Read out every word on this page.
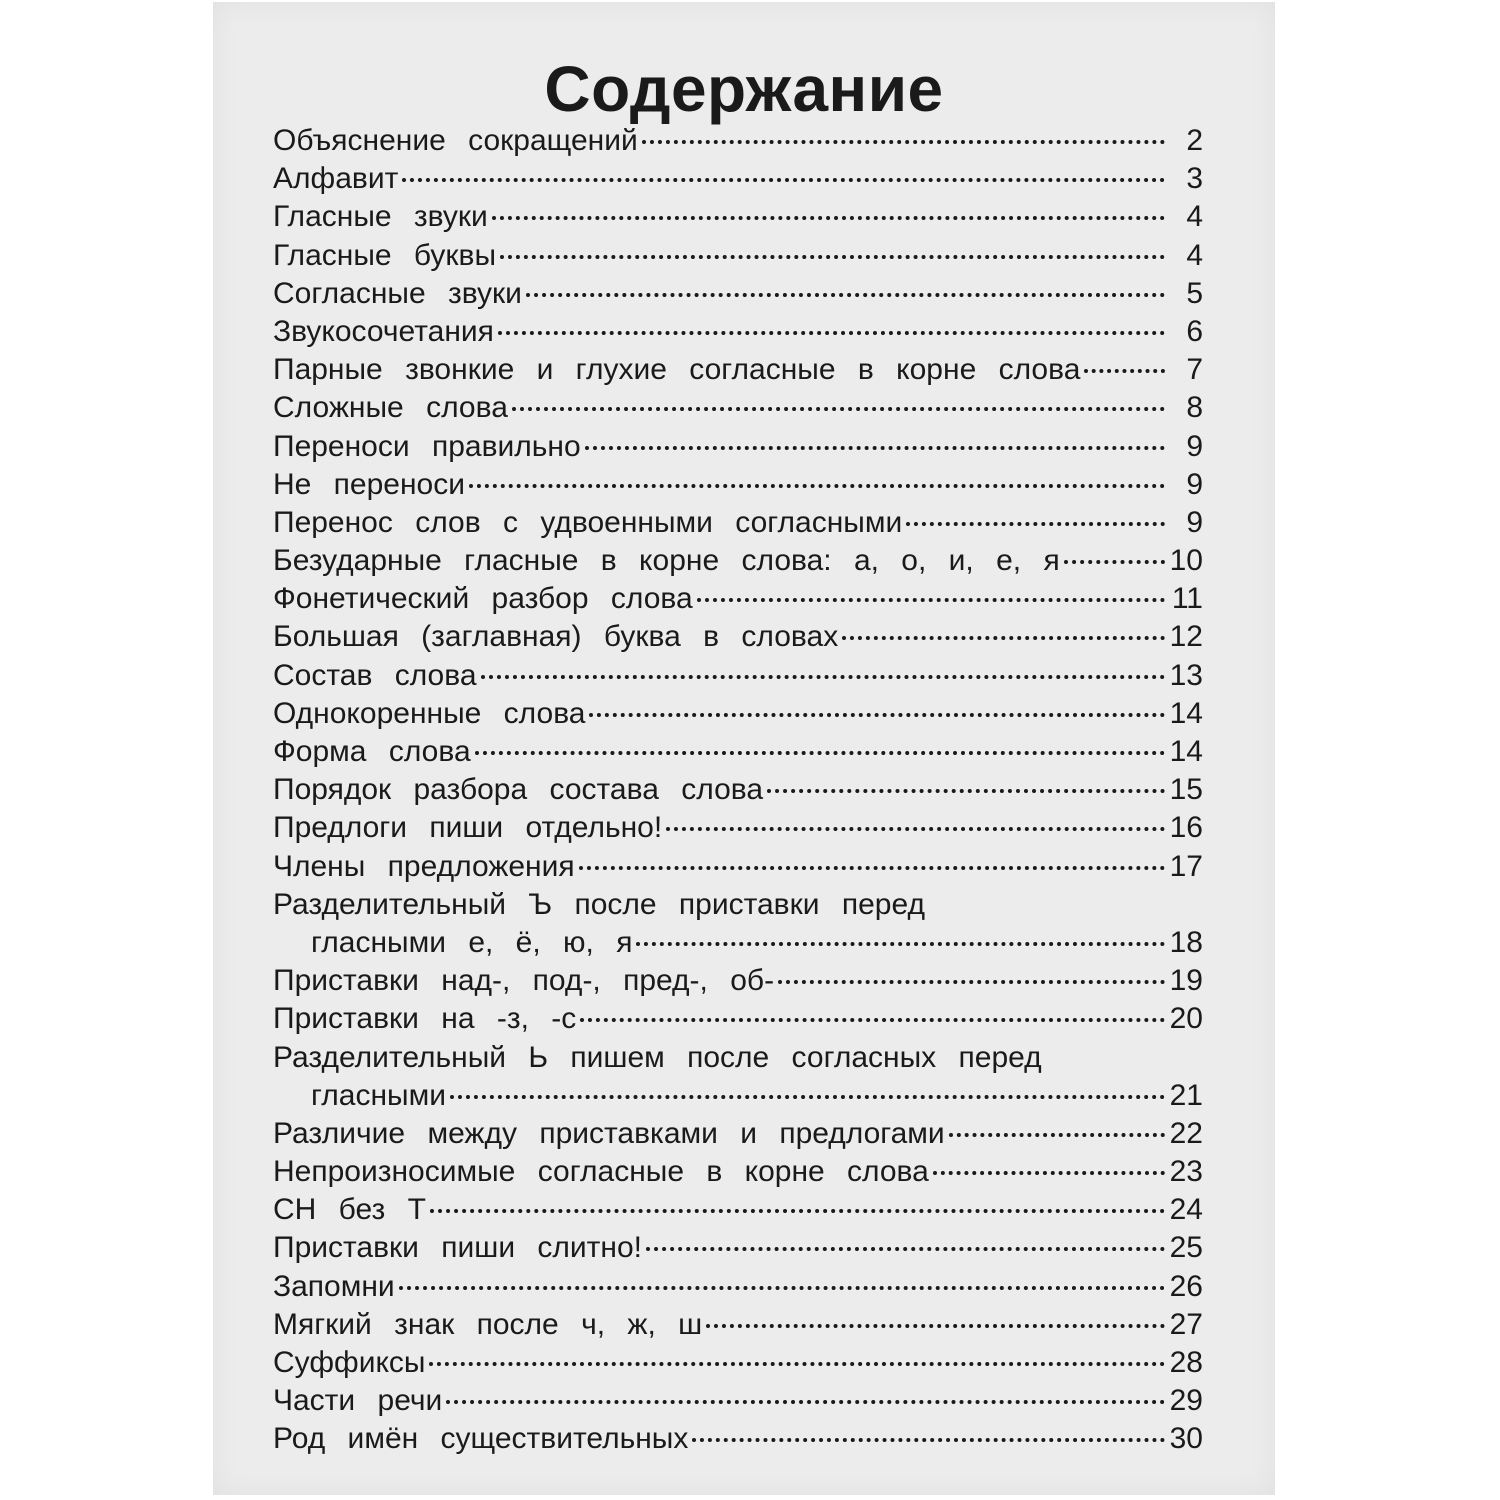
Содержание
Объяснение сокращений	2
Алфавит	3
Гласные звуки	4
Гласные буквы	4
Согласные звуки	5
Звукосочетания	6
Парные звонкие и глухие согласные в корне слова	7
Сложные слова	8
Переноси правильно	9
Не переноси	9
Перенос слов с удвоенными согласными	9
Безударные гласные в корне слова: а, о, и, е, я	10
Фонетический разбор слова	11
Большая (заглавная) буква в словах	12
Состав слова	13
Однокоренные слова	14
Форма слова	14
Порядок разбора состава слова	15
Предлоги пиши отдельно!	16
Члены предложения	17
Разделительный Ъ после приставки перед
гласными е, ё, ю, я	18
Приставки над-, под-, пред-, об-	19
Приставки на -з, -с	20
Разделительный Ь пишем после согласных перед
гласными	21
Различие между приставками и предлогами	22
Непроизносимые согласные в корне слова	23
СН без Т	24
Приставки пиши слитно!	25
Запомни	26
Мягкий знак после ч, ж, ш	27
Суффиксы	28
Части речи	29
Род имён существительных	30
